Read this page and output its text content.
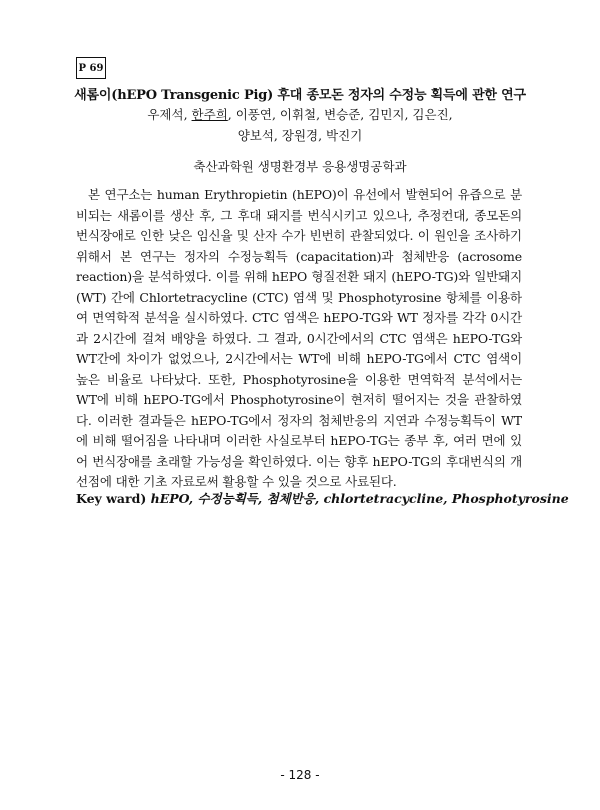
P 69
새롬이(hEPO Transgenic Pig) 후대 종모돈 정자의 수정능 획득에 관한 연구
우제석, 한주희, 이풍연, 이휘철, 변승준, 김민지, 김은진,
양보석, 장원경, 박진기
축산과학원 생명환경부 응용생명공학과

본 연구소는 human Erythropietin (hEPO)이 유선에서 발현되어 유즙으로 분비되는 새롬이를 생산 후, 그 후대 돼지를 번식시키고 있으나, 추정컨대, 종모돈의 번식장애로 인한 낮은 임신율 및 산자 수가 빈번히 관찰되었다. 이 원인을 조사하기 위해서 본 연구는 정자의 수정능획득 (capacitation)과 첨체반응 (acrosome reaction)을 분석하였다. 이를 위해 hEPO 형질전환 돼지 (hEPO-TG)와 일반돼지 (WT) 간에 Chlortetracycline (CTC) 염색 및 Phosphotyrosine 항체를 이용하여 면역학적 분석을 실시하였다. CTC 염색은 hEPO-TG와 WT 정자를 각각 0시간과 2시간에 걸쳐 배양을 하였다. 그 결과, 0시간에서의 CTC 염색은 hEPO-TG와 WT간에 차이가 없었으나, 2시간에서는 WT에 비해 hEPO-TG에서 CTC 염색이 높은 비율로 나타났다. 또한, Phosphotyrosine을 이용한 면역학적 분석에서는 WT에 비해 hEPO-TG에서 Phosphotyrosine이 현저히 떨어지는 것을 관찰하였다. 이러한 결과들은 hEPO-TG에서 정자의 첨체반응의 지연과 수정능획득이 WT에 비해 떨어짐을 나타내며 이러한 사실로부터 hEPO-TG는 종부 후, 여러 면에 있어 번식장애를 초래할 가능성을 확인하였다. 이는 향후 hEPO-TG의 후대번식의 개선점에 대한 기초 자료로써 활용할 수 있을 것으로 사료된다.

Key ward) hEPO, 수정능획득, 첨체반응, chlortetracycline, Phosphotyrosine
- 128 -
